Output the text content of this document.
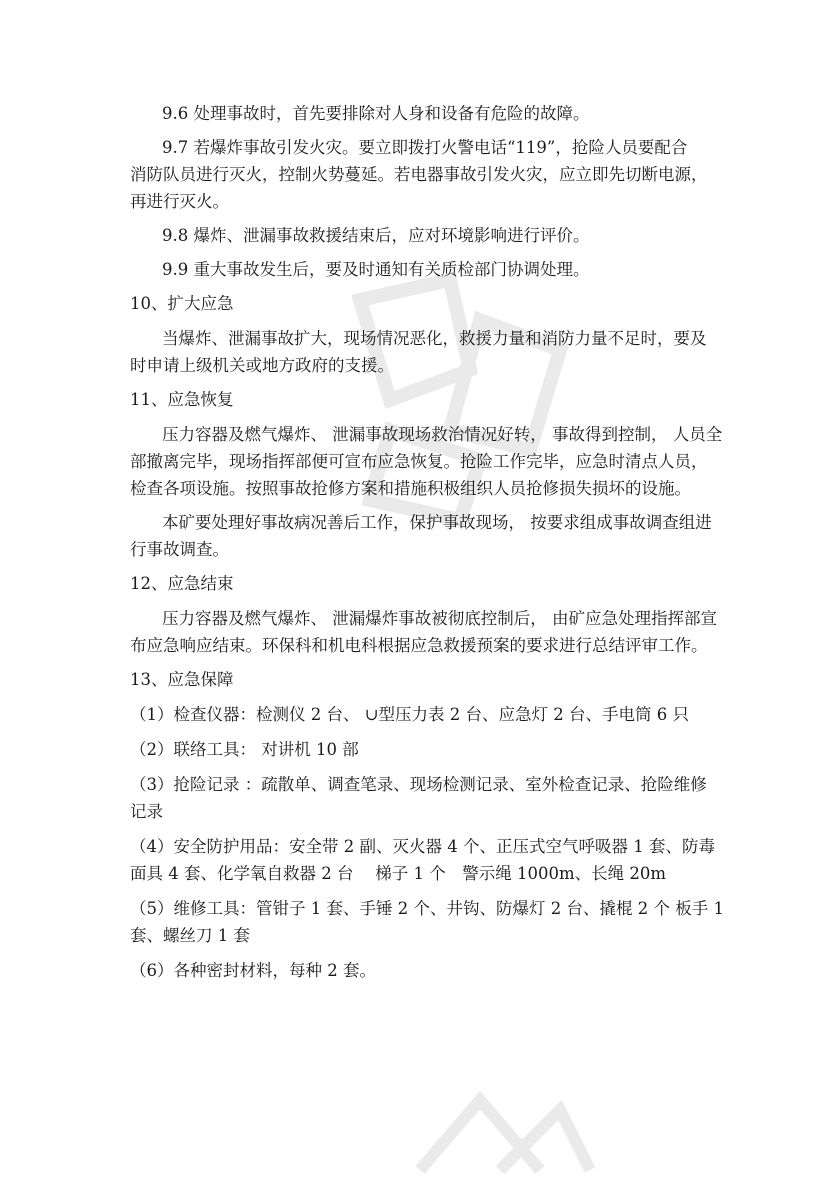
9.6 处理事故时，首先要排除对人身和设备有危险的故障。

9.7 若爆炸事故引发火灾。要立即拨打火警电话“119”，抢险人员要配合

消防队员进行灭火，控制火势蔓延。若电器事故引发火灾，应立即先切断电源，

再进行灭火。

9.8 爆炸、泄漏事故救援结束后，应对环境影响进行评价。

9.9 重大事故发生后，要及时通知有关质检部门协调处理。

10、扩大应急

当爆炸、泄漏事故扩大，现场情况恶化，救援力量和消防力量不足时，要及

时申请上级机关或地方政府的支援。

11、应急恢复

压力容器及燃气爆炸、 泄漏事故现场救治情况好转， 事故得到控制， 人员全

部撤离完毕，现场指挥部便可宣布应急恢复。抢险工作完毕，应急时清点人员，

检查各项设施。按照事故抢修方案和措施积极组织人员抢修损失损坏的设施。

本矿要处理好事故病况善后工作，保护事故现场， 按要求组成事故调查组进

行事故调查。

12、应急结束

压力容器及燃气爆炸、 泄漏爆炸事故被彻底控制后， 由矿应急处理指挥部宣

布应急响应结束。环保科和机电科根据应急救援预案的要求进行总结评审工作。

13、应急保障

（1）检查仪器：检测仪 2 台、 ∪型压力表 2 台、应急灯 2 台、手电筒 6 只

（2）联络工具： 对讲机 10 部

（3）抢险记录 ：疏散单、调查笔录、现场检测记录、室外检查记录、抢险维修

记录

（4）安全防护用品：安全带 2 副、灭火器 4 个、正压式空气呼吸器 1 套、防毒

面具 4 套、化学氧自救器 2 台　 梯子 1 个　警示绳 1000m、长绳 20m

（5）维修工具：管钳子 1 套、手锤 2 个、井钩、防爆灯 2 台、撬棍 2 个 板手 1

套、螺丝刀 1 套

（6）各种密封材料，每种 2 套。
